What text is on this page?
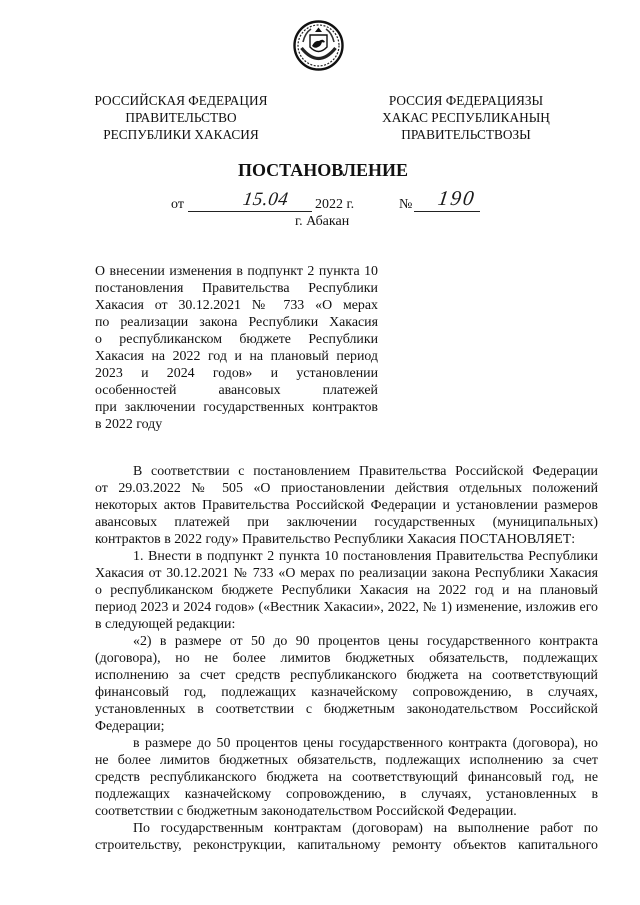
РОССИЙСКАЯ ФЕДЕРАЦИЯ
ПРАВИТЕЛЬСТВО
РЕСПУБЛИКИ ХАКАСИЯ
РОССИЯ ФЕДЕРАЦИЯЗЫ
ХАКАС РЕСПУБЛИКАНЫҢ
ПРАВИТЕЛЬСТВОЗЫ
ПОСТАНОВЛЕНИЕ
от	15.04 2022 г.	№ 190
г. Абакан
О внесении изменения в подпункт 2 пункта 10
постановления Правительства Республики
Хакасия от 30.12.2021 № 733 «О мерах
по реализации закона Республики Хакасия
о республиканском бюджете Республики
Хакасия на 2022 год и на плановый период
2023 и 2024 годов» и установлении
особенностей авансовых платежей
при заключении государственных контрактов
в 2022 году
В соответствии с постановлением Правительства Российской Федерации
от 29.03.2022 № 505 «О приостановлении действия отдельных положений
некоторых актов Правительства Российской Федерации и установлении размеров
авансовых платежей при заключении государственных (муниципальных)
контрактов в 2022 году» Правительство Республики Хакасия ПОСТАНОВЛЯЕТ:
1. Внести в подпункт 2 пункта 10 постановления Правительства Республики
Хакасия от 30.12.2021 № 733 «О мерах по реализации закона Республики Хакасия
о республиканском бюджете Республики Хакасия на 2022 год и на плановый
период 2023 и 2024 годов» («Вестник Хакасии», 2022, № 1) изменение, изложив его
в следующей редакции:
«2) в размере от 50 до 90 процентов цены государственного контракта
(договора), но не более лимитов бюджетных обязательств, подлежащих
исполнению за счет средств республиканского бюджета на соответствующий
финансовый год, подлежащих казначейскому сопровождению, в случаях,
установленных в соответствии с бюджетным законодательством Российской
Федерации;
в размере до 50 процентов цены государственного контракта (договора), но
не более лимитов бюджетных обязательств, подлежащих исполнению за счет
средств республиканского бюджета на соответствующий финансовый год, не
подлежащих казначейскому сопровождению, в случаях, установленных в
соответствии с бюджетным законодательством Российской Федерации.
По государственным контрактам (договорам) на выполнение работ по
строительству, реконструкции, капитальному ремонту объектов капитального
